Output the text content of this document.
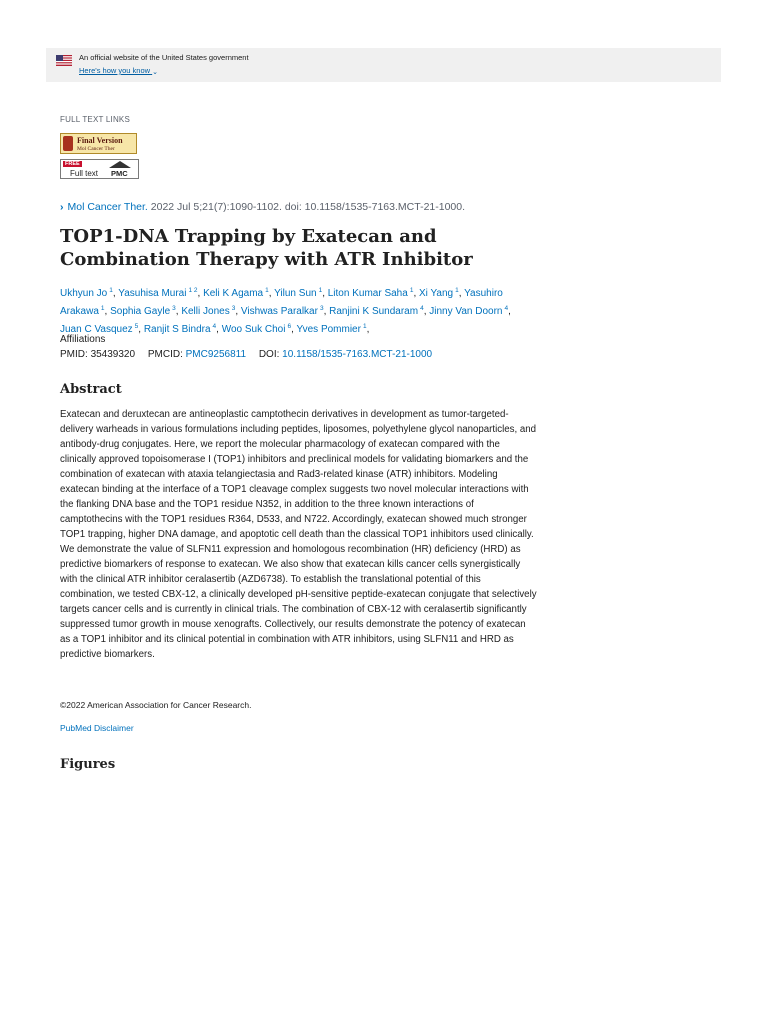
An official website of the United States government
Here's how you know ⌄
FULL TEXT LINKS
Final Version
Mol Cancer Ther
FREE
Full text PMC
› Mol Cancer Ther. 2022 Jul 5;21(7):1090-1102. doi: 10.1158/1535-7163.MCT-21-1000.
TOP1-DNA Trapping by Exatecan and Combination Therapy with ATR Inhibitor
Ukhyun Jo $^1$, Yasuhisa Murai $^{1 2}$, Keli K Agama $^1$, Yilun Sun $^1$, Liton Kumar Saha $^1$, Xi Yang $^1$, Yasuhiro Arakawa $^1$, Sophia Gayle $^3$, Kelli Jones $^3$, Vishwas Paralkar $^3$, Ranjini K Sundaram $^4$, Jinny Van Doorn $^4$, Juan C Vasquez $^5$, Ranjit S Bindra $^4$, Woo Suk Choi $^6$, Yves Pommier $^1$,
Affiliations
PMID: 35439320 PMCID: PMC9256811 DOI: 10.1158/1535-7163.MCT-21-1000
Abstract

Exatecan and deruxtecan are antineoplastic camptothecin derivatives in development as tumor-targeted-delivery warheads in various formulations including peptides, liposomes, polyethylene glycol nanoparticles, and antibody-drug conjugates. Here, we report the molecular pharmacology of exatecan compared with the clinically approved topoisomerase I (TOP1) inhibitors and preclinical models for validating biomarkers and the combination of exatecan with ataxia telangiectasia and Rad3-related kinase (ATR) inhibitors. Modeling exatecan binding at the interface of a TOP1 cleavage complex suggests two novel molecular interactions with the flanking DNA base and the TOP1 residue N352, in addition to the three known interactions of camptothecins with the TOP1 residues R364, D533, and N722. Accordingly, exatecan showed much stronger TOP1 trapping, higher DNA damage, and apoptotic cell death than the classical TOP1 inhibitors used clinically. We demonstrate the value of SLFN11 expression and homologous recombination (HR) deficiency (HRD) as predictive biomarkers of response to exatecan. We also show that exatecan kills cancer cells synergistically with the clinical ATR inhibitor ceralasertib (AZD6738). To establish the translational potential of this combination, we tested CBX-12, a clinically developed pH-sensitive peptide-exatecan conjugate that selectively targets cancer cells and is currently in clinical trials. The combination of CBX-12 with ceralasertib significantly suppressed tumor growth in mouse xenografts. Collectively, our results demonstrate the potency of exatecan as a TOP1 inhibitor and its clinical potential in combination with ATR inhibitors, using SLFN11 and HRD as predictive biomarkers.

©2022 American Association for Cancer Research.
PubMed Disclaimer
Figures
